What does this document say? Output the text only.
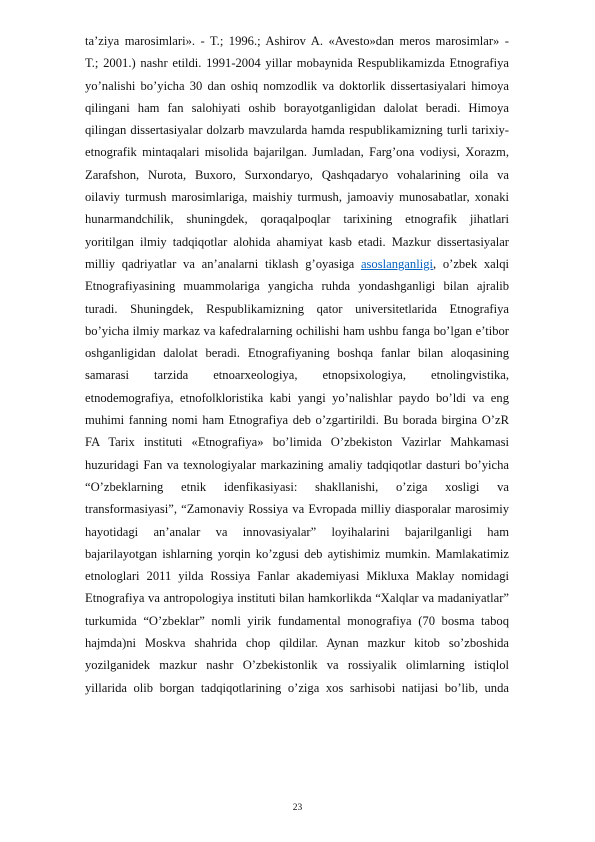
ta’ziya marosimlari». - T.; 1996.; Ashirov A. «Avesto»dan meros marosimlar» -
T.; 2001.) nashr etildi. 1991-2004 yillar mobaynida Respublikamizda Etnografiya
yo’nalishi bo’yicha 30 dan oshiq nomzodlik va doktorlik dissertasiyalari himoya
qilingani ham fan salohiyati oshib borayotganligidan dalolat beradi. Himoya
qilingan dissertasiyalar dolzarb mavzularda hamda respublikamizning turli tarixiy-
etnografik mintaqalari misolida bajarilgan. Jumladan, Farg’ona vodiysi, Xorazm,
Zarafshon, Nurota, Buxoro, Surxondaryo, Qashqadaryo vohalarining oila va
oilaviy turmush marosimlariga, maishiy turmush, jamoaviy munosabatlar, xonaki
hunarmandchilik, shuningdek, qoraqalpoqlar tarixining etnografik jihatlari
yoritilgan ilmiy tadqiqotlar alohida ahamiyat kasb etadi. Mazkur dissertasiyalar
milliy qadriyatlar va an’analarni tiklash g’oyasiga asoslanganligi, o’zbek xalqi
Etnografiyasining muammolariga yangicha ruhda yondashganligi bilan ajralib
turadi. Shuningdek, Respublikamizning qator universitetlarida Etnografiya
bo’yicha ilmiy markaz va kafedralarning ochilishi ham ushbu fanga bo’lgan e’tibor
oshganligidan dalolat beradi. Etnografiyaning boshqa fanlar bilan aloqasining
samarasi tarzida etnoarxeologiya, etnopsixologiya, etnolingvistika,
etnodemografiya, etnofolkloristika kabi yangi yo’nalishlar paydo bo’ldi va eng
muhimi fanning nomi ham Etnografiya deb o’zgartirildi. Bu borada birgina O’zR
FA Tarix instituti «Etnografiya» bo’limida O’zbekiston Vazirlar Mahkamasi
huzuridagi Fan va texnologiyalar markazining amaliy tadqiqotlar dasturi bo’yicha
“O’zbeklarning etnik idenfikasiyasi: shakllanishi, o’ziga xosligi va
transformasiyasi”, “Zamonaviy Rossiya va Evropada milliy diasporalar marosimiy
hayotidagi an’analar va innovasiyalar” loyihalarini bajarilganligi ham
bajarilayotgan ishlarning yorqin ko’zgusi deb aytishimiz mumkin. Mamlakatimiz
etnologlari 2011 yilda Rossiya Fanlar akademiyasi Mikluxa Maklay nomidagi
Etnografiya va antropologiya instituti bilan hamkorlikda “Xalqlar va madaniyatlar”
turkumida “O’zbeklar” nomli yirik fundamental monografiya (70 bosma taboq
hajmda)ni Moskva shahrida chop qildilar. Aynan mazkur kitob so’zboshida
yozilganidek mazkur nashr O’zbekistonlik va rossiyalik olimlarning istiqlol
yillarida olib borgan tadqiqotlarining o’ziga xos sarhisobi natijasi bo’lib, unda
23
